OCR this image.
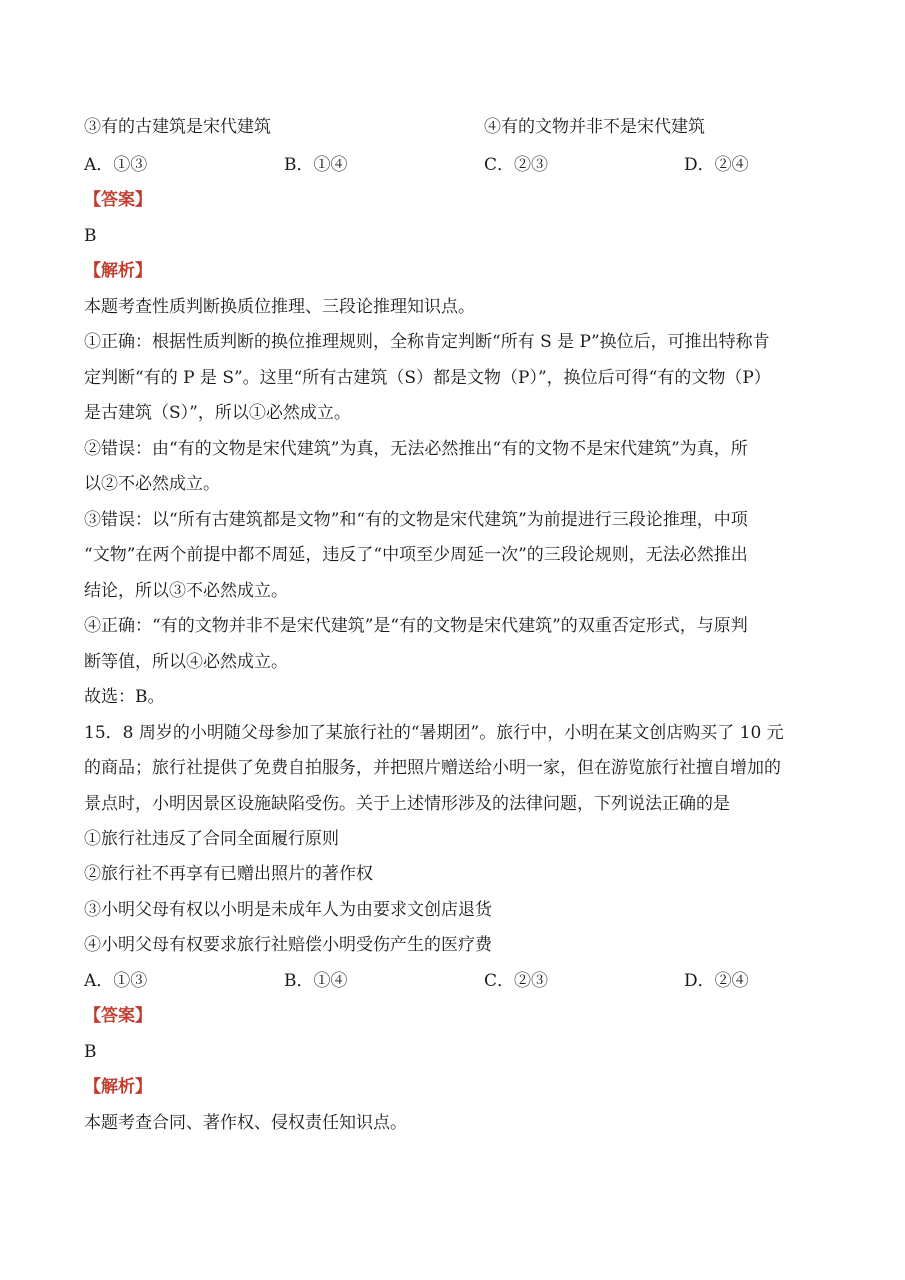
③有的古建筑是宋代建筑	④有的文物并非不是宋代建筑
A．①③	B．①④	C．②③	D．②④
【答案】
B
【解析】
本题考查性质判断换质位推理、三段论推理知识点。
①正确：根据性质判断的换位推理规则，全称肯定判断“所有 S 是 P”换位后，可推出特称肯
定判断“有的 P 是 S”。这里“所有古建筑（S）都是文物（P）”，换位后可得“有的文物（P）
是古建筑（S）”，所以①必然成立。
②错误：由“有的文物是宋代建筑”为真，无法必然推出“有的文物不是宋代建筑”为真，所
以②不必然成立。
③错误：以“所有古建筑都是文物”和“有的文物是宋代建筑”为前提进行三段论推理，中项
“文物”在两个前提中都不周延，违反了“中项至少周延一次”的三段论规则，无法必然推出
结论，所以③不必然成立。
④正确：“有的文物并非不是宋代建筑”是“有的文物是宋代建筑”的双重否定形式，与原判
断等值，所以④必然成立。
故选：B。
15．8 周岁的小明随父母参加了某旅行社的“暑期团”。旅行中，小明在某文创店购买了 10 元
的商品；旅行社提供了免费自拍服务，并把照片赠送给小明一家，但在游览旅行社擅自增加的
景点时，小明因景区设施缺陷受伤。关于上述情形涉及的法律问题，下列说法正确的是
①旅行社违反了合同全面履行原则
②旅行社不再享有已赠出照片的著作权
③小明父母有权以小明是未成年人为由要求文创店退货
④小明父母有权要求旅行社赔偿小明受伤产生的医疗费
A．①③	B．①④	C．②③	D．②④
【答案】
B
【解析】
本题考查合同、著作权、侵权责任知识点。
